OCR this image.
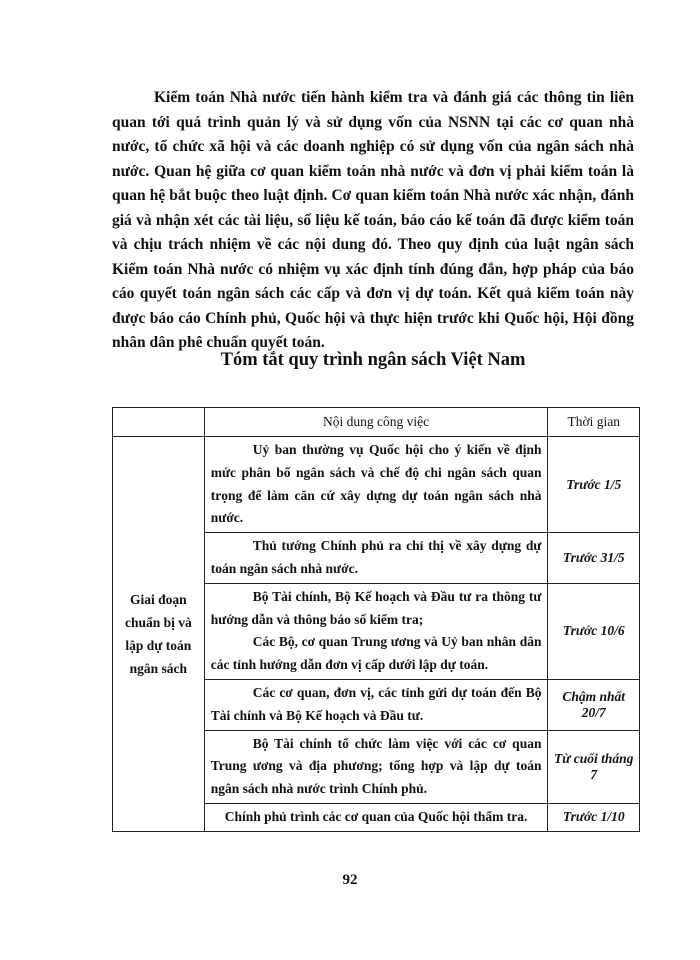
Kiểm toán Nhà nước tiến hành kiểm tra và đánh giá các thông tin liên quan tới quá trình quản lý và sử dụng vốn của NSNN tại các cơ quan nhà nước, tổ chức xã hội và các doanh nghiệp có sử dụng vốn của ngân sách nhà nước. Quan hệ giữa cơ quan kiểm toán nhà nước và đơn vị phải kiểm toán là quan hệ bắt buộc theo luật định. Cơ quan kiểm toán Nhà nước xác nhận, đánh giá và nhận xét các tài liệu, số liệu kế toán, báo cáo kế toán đã được kiểm toán và chịu trách nhiệm về các nội dung đó. Theo quy định của luật ngân sách Kiểm toán Nhà nước có nhiệm vụ xác định tính đúng đắn, hợp pháp của báo cáo quyết toán ngân sách các cấp và đơn vị dự toán. Kết quả kiểm toán này được báo cáo Chính phủ, Quốc hội và thực hiện trước khi Quốc hội, Hội đồng nhân dân phê chuẩn quyết toán.

Tóm tắt quy trình ngân sách Việt Nam
	Nội dung công việc	Thời gian
Giai đoạn chuẩn bị và lập dự toán ngân sách	Uỷ ban thường vụ Quốc hội cho ý kiến về định mức phân bổ ngân sách và chế độ chi ngân sách quan trọng để làm căn cứ xây dựng dự toán ngân sách nhà nước.	Trước 1/5

	Thủ tướng Chính phủ ra chỉ thị về xây dựng dự toán ngân sách nhà nước.	Trước 31/5

	Bộ Tài chính, Bộ Kế hoạch và Đầu tư ra thông tư hướng dẫn và thông báo số kiểm tra;

Các Bộ, cơ quan Trung ương và Uỷ ban nhân dân các tỉnh hướng dẫn đơn vị cấp dưới lập dự toán.	Trước 10/6

	Các cơ quan, đơn vị, các tỉnh gửi dự toán đến Bộ Tài chính và Bộ Kế hoạch và Đầu tư.	Chậm nhất 20/7

	Bộ Tài chính tổ chức làm việc với các cơ quan Trung ương và địa phương; tổng hợp và lập dự toán ngân sách nhà nước trình Chính phủ.	Từ cuối tháng 7

	Chính phủ trình các cơ quan của Quốc hội thẩm tra.	Trước 1/10

92
